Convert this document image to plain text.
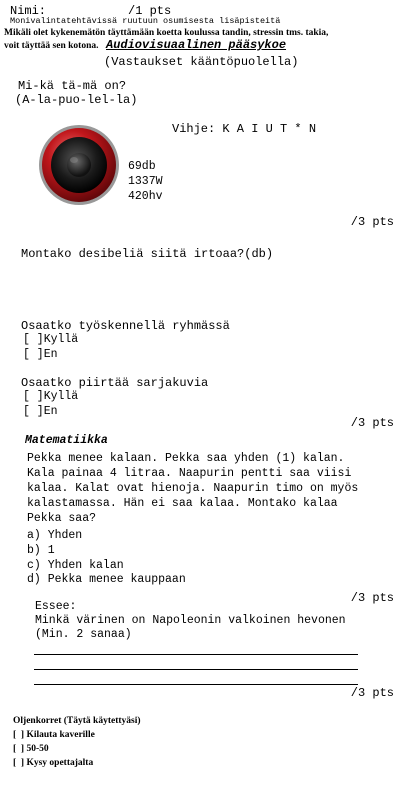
Nimi:	/1 pts
Monivalintatehtävissä ruutuun osumisesta lisäpisteitä
Mikäli olet kykenemätön täyttämään koetta koulussa tandin, stressin tms. takia,
voit täyttää sen kotona. Audiovisuaalinen pääsykoe
(Vastaukset kääntöpuolella)
Mi-kä tä-mä on?
(A-la-puo-lel-la)
Vihje: K A I U T * N
69db
1337W
420hv
/3 pts
Montako desibeliä siitä irtoaa?(db)
Osaatko työskennellä ryhmässä
[ ]Kyllä
[ ]En
Osaatko piirtää sarjakuvia
[ ]Kyllä
[ ]En
/3 pts
Matematiikka
Pekka menee kalaan. Pekka saa yhden (1) kalan.
Kala painaa 4 litraa. Naapurin pentti saa viisi
kalaa. Kalat ovat hienoja. Naapurin timo on myös
kalastamassa. Hän ei saa kalaa. Montako kalaa
Pekka saa?
a) Yhden
b) 1
c) Yhden kalan
d) Pekka menee kauppaan
/3 pts
Essee:
Minkä värinen on Napoleonin valkoinen hevonen
(Min. 2 sanaa)
/3 pts
Oljenkorret (Täytä käytettyäsi)
[  ] Kilauta kaverille
[  ] 50-50
[  ] Kysy opettajalta
